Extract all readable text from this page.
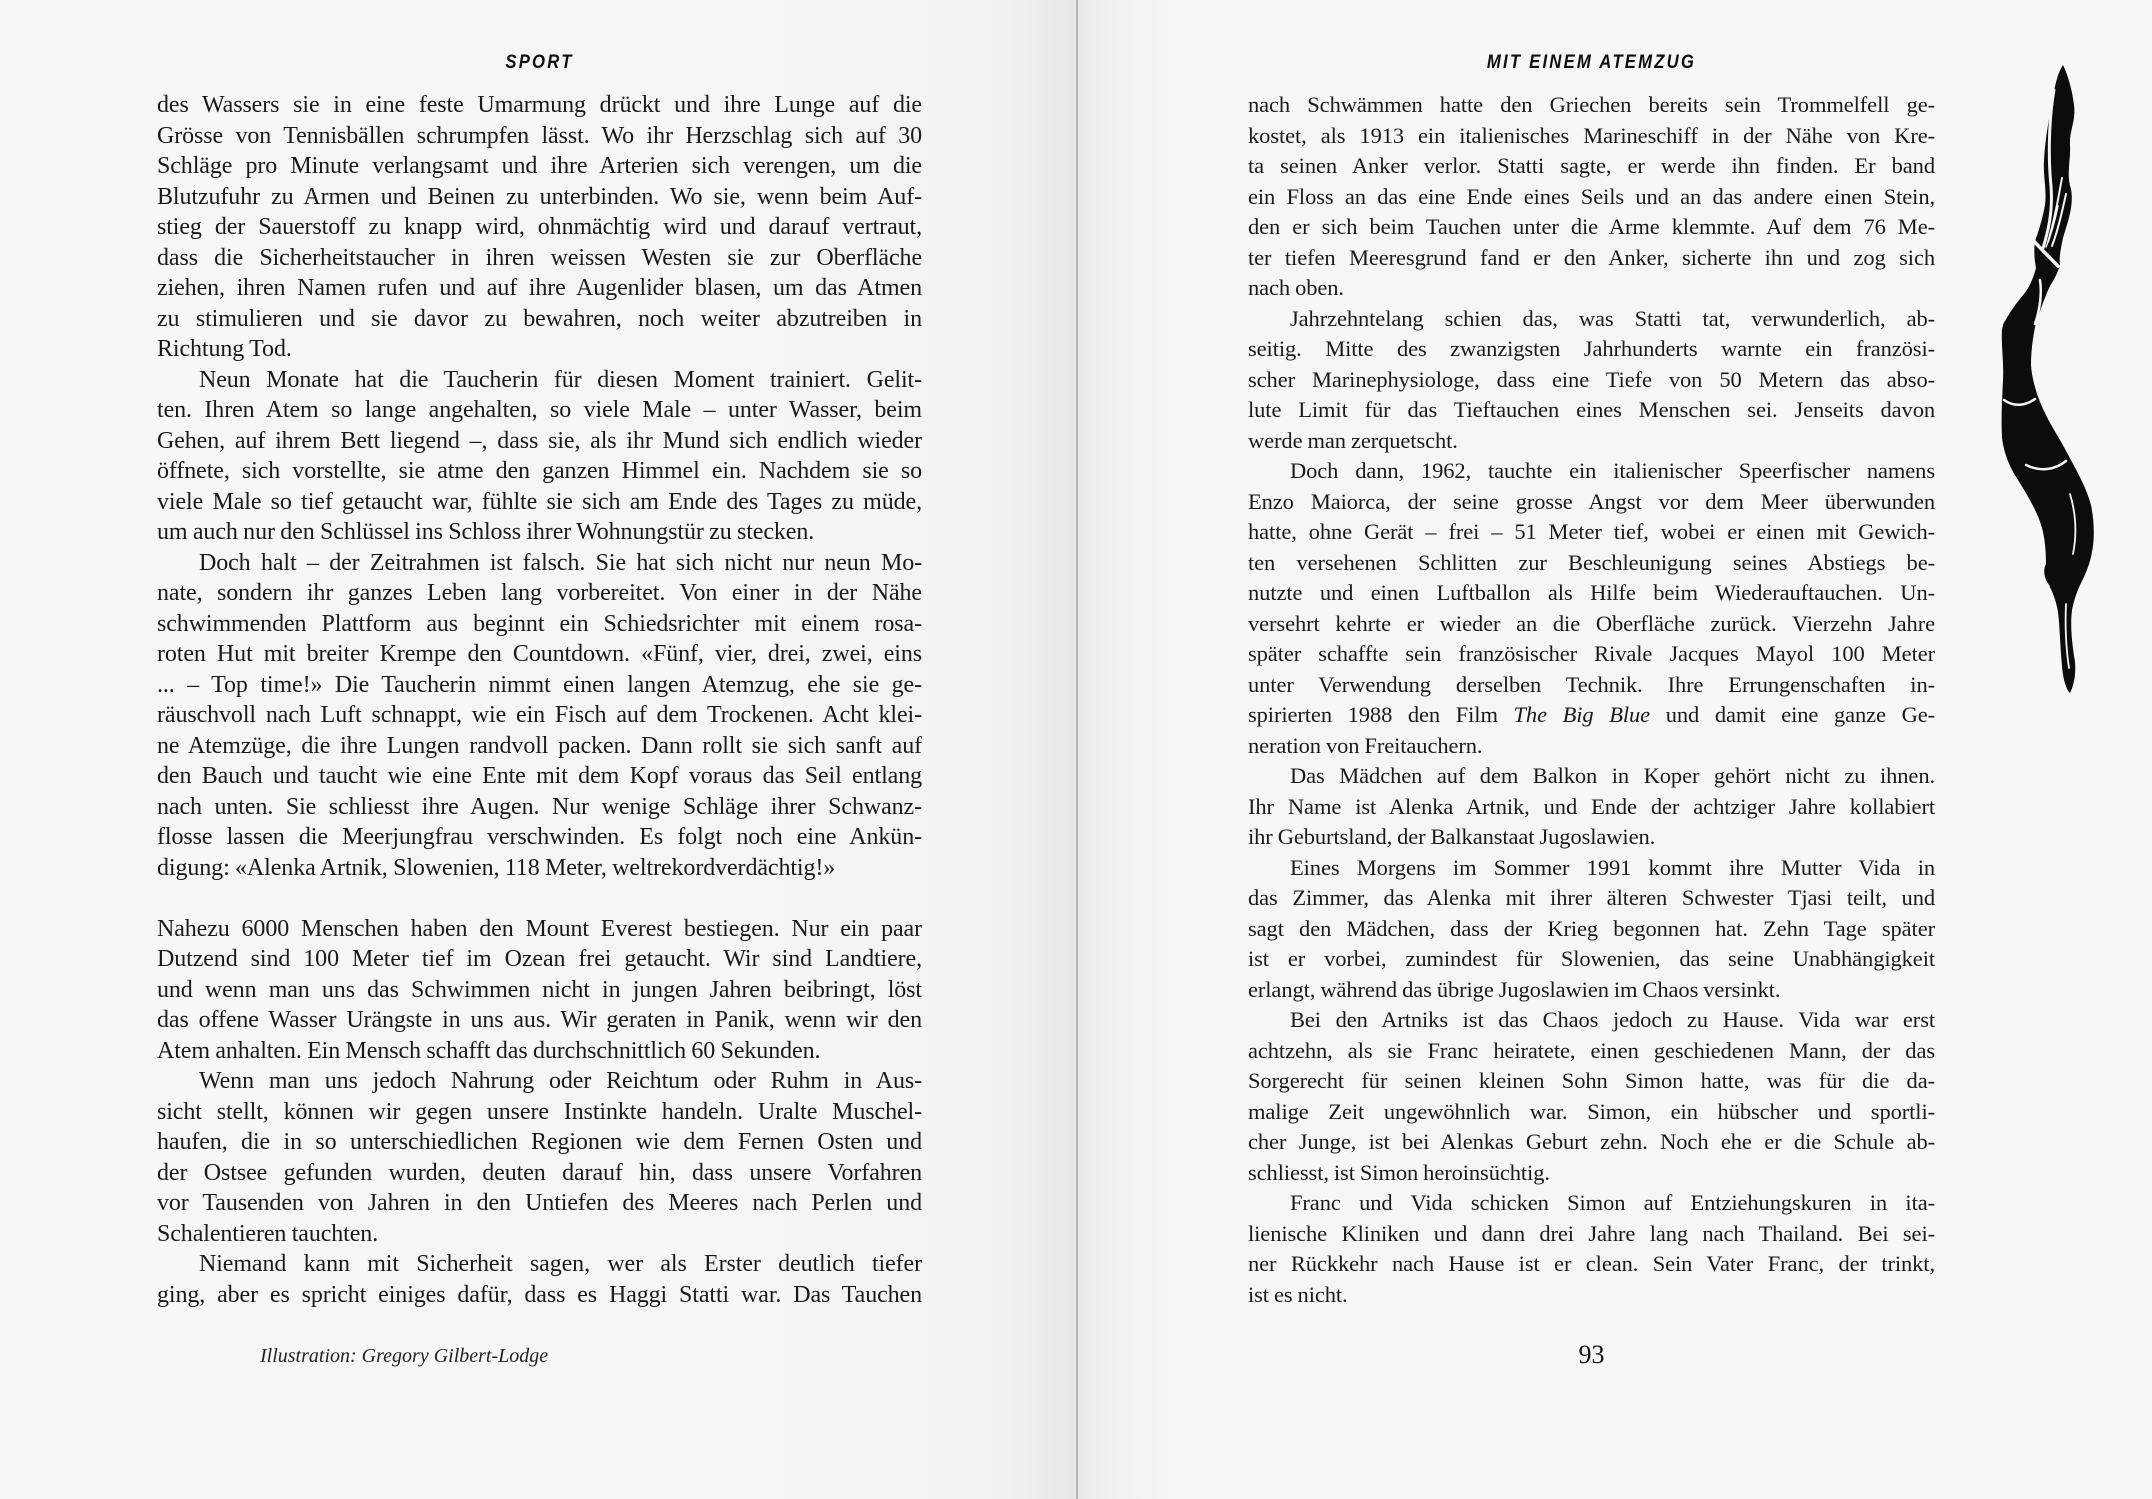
SPORT	MIT EINEM ATEMZUG
des Wassers sie in eine feste Umarmung drückt und ihre Lunge auf die
Grösse von Tennisbällen schrumpfen lässt. Wo ihr Herzschlag sich auf 30
Schläge pro Minute verlangsamt und ihre Arterien sich verengen, um die
Blutzufuhr zu Armen und Beinen zu unterbinden. Wo sie, wenn beim Auf-
stieg der Sauerstoff zu knapp wird, ohnmächtig wird und darauf vertraut,
dass die Sicherheitstaucher in ihren weissen Westen sie zur Oberfläche
ziehen, ihren Namen rufen und auf ihre Augenlider blasen, um das Atmen
zu stimulieren und sie davor zu bewahren, noch weiter abzutreiben in
Richtung Tod.
Neun Monate hat die Taucherin für diesen Moment trainiert. Gelit-
ten. Ihren Atem so lange angehalten, so viele Male – unter Wasser, beim
Gehen, auf ihrem Bett liegend –, dass sie, als ihr Mund sich endlich wieder
öffnete, sich vorstellte, sie atme den ganzen Himmel ein. Nachdem sie so
viele Male so tief getaucht war, fühlte sie sich am Ende des Tages zu müde,
um auch nur den Schlüssel ins Schloss ihrer Wohnungstür zu stecken.
Doch halt – der Zeitrahmen ist falsch. Sie hat sich nicht nur neun Mo-
nate, sondern ihr ganzes Leben lang vorbereitet. Von einer in der Nähe
schwimmenden Plattform aus beginnt ein Schiedsrichter mit einem rosa-
roten Hut mit breiter Krempe den Countdown. «Fünf, vier, drei, zwei, eins
... – Top time!» Die Taucherin nimmt einen langen Atemzug, ehe sie ge-
räuschvoll nach Luft schnappt, wie ein Fisch auf dem Trockenen. Acht klei-
ne Atemzüge, die ihre Lungen randvoll packen. Dann rollt sie sich sanft auf
den Bauch und taucht wie eine Ente mit dem Kopf voraus das Seil entlang
nach unten. Sie schliesst ihre Augen. Nur wenige Schläge ihrer Schwanz-
flosse lassen die Meerjungfrau verschwinden. Es folgt noch eine Ankün-
digung: «Alenka Artnik, Slowenien, 118 Meter, weltrekordverdächtig!»
Nahezu 6000 Menschen haben den Mount Everest bestiegen. Nur ein paar
Dutzend sind 100 Meter tief im Ozean frei getaucht. Wir sind Landtiere,
und wenn man uns das Schwimmen nicht in jungen Jahren beibringt, löst
das offene Wasser Urängste in uns aus. Wir geraten in Panik, wenn wir den
Atem anhalten. Ein Mensch schafft das durchschnittlich 60 Sekunden.
Wenn man uns jedoch Nahrung oder Reichtum oder Ruhm in Aus-
sicht stellt, können wir gegen unsere Instinkte handeln. Uralte Muschel-
haufen, die in so unterschiedlichen Regionen wie dem Fernen Osten und
der Ostsee gefunden wurden, deuten darauf hin, dass unsere Vorfahren
vor Tausenden von Jahren in den Untiefen des Meeres nach Perlen und
Schalentieren tauchten.
Niemand kann mit Sicherheit sagen, wer als Erster deutlich tiefer
ging, aber es spricht einiges dafür, dass es Haggi Statti war. Das Tauchen
nach Schwämmen hatte den Griechen bereits sein Trommelfell ge-
kostet, als 1913 ein italienisches Marineschiff in der Nähe von Kre-
ta seinen Anker verlor. Statti sagte, er werde ihn finden. Er band
ein Floss an das eine Ende eines Seils und an das andere einen Stein,
den er sich beim Tauchen unter die Arme klemmte. Auf dem 76 Me-
ter tiefen Meeresgrund fand er den Anker, sicherte ihn und zog sich
nach oben.
Jahrzehntelang schien das, was Statti tat, verwunderlich, ab-
seitig. Mitte des zwanzigsten Jahrhunderts warnte ein französi-
scher Marinephysiologe, dass eine Tiefe von 50 Metern das abso-
lute Limit für das Tieftauchen eines Menschen sei. Jenseits davon
werde man zerquetscht.
Doch dann, 1962, tauchte ein italienischer Speerfischer namens
Enzo Maiorca, der seine grosse Angst vor dem Meer überwunden
hatte, ohne Gerät – frei – 51 Meter tief, wobei er einen mit Gewich-
ten versehenen Schlitten zur Beschleunigung seines Abstiegs be-
nutzte und einen Luftballon als Hilfe beim Wiederauftauchen. Un-
versehrt kehrte er wieder an die Oberfläche zurück. Vierzehn Jahre
später schaffte sein französischer Rivale Jacques Mayol 100 Meter
unter Verwendung derselben Technik. Ihre Errungenschaften in-
spirierten 1988 den Film The Big Blue und damit eine ganze Ge-
neration von Freitauchern.
Das Mädchen auf dem Balkon in Koper gehört nicht zu ihnen.
Ihr Name ist Alenka Artnik, und Ende der achtziger Jahre kollabiert
ihr Geburtsland, der Balkanstaat Jugoslawien.
Eines Morgens im Sommer 1991 kommt ihre Mutter Vida in
das Zimmer, das Alenka mit ihrer älteren Schwester Tjasi teilt, und
sagt den Mädchen, dass der Krieg begonnen hat. Zehn Tage später
ist er vorbei, zumindest für Slowenien, das seine Unabhängigkeit
erlangt, während das übrige Jugoslawien im Chaos versinkt.
Bei den Artniks ist das Chaos jedoch zu Hause. Vida war erst
achtzehn, als sie Franc heiratete, einen geschiedenen Mann, der das
Sorgerecht für seinen kleinen Sohn Simon hatte, was für die da-
malige Zeit ungewöhnlich war. Simon, ein hübscher und sportli-
cher Junge, ist bei Alenkas Geburt zehn. Noch ehe er die Schule ab-
schliesst, ist Simon heroinsüchtig.
Franc und Vida schicken Simon auf Entziehungskuren in ita-
lienische Kliniken und dann drei Jahre lang nach Thailand. Bei sei-
ner Rückkehr nach Hause ist er clean. Sein Vater Franc, der trinkt,
ist es nicht.
Illustration: Gregory Gilbert-Lodge	93
